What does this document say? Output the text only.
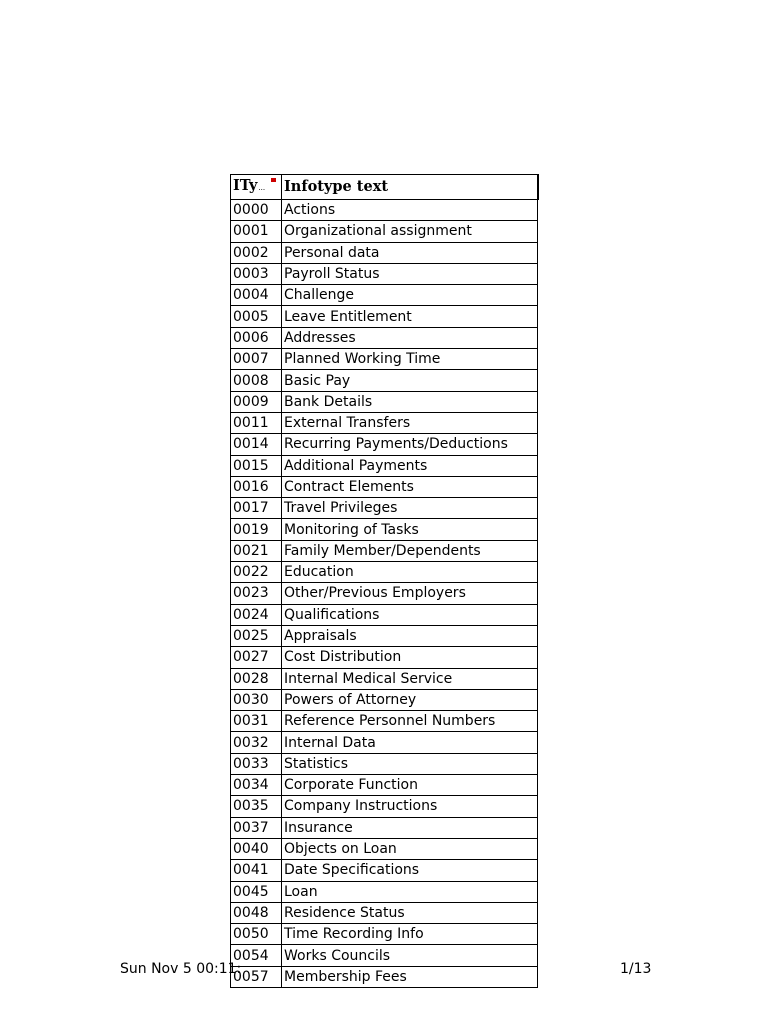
Sun Nov 5 00:11:
ITy...	Infotype text
0000	Actions
0001	Organizational assignment
0002	Personal data
0003	Payroll Status
0004	Challenge
0005	Leave Entitlement
0006	Addresses
0007	Planned Working Time
0008	Basic Pay
0009	Bank Details
0011	External Transfers
0014	Recurring Payments/Deductions
0015	Additional Payments
0016	Contract Elements
0017	Travel Privileges
0019	Monitoring of Tasks
0021	Family Member/Dependents
0022	Education
0023	Other/Previous Employers
0024	Qualifications
0025	Appraisals
0027	Cost Distribution
0028	Internal Medical Service
0030	Powers of Attorney
0031	Reference Personnel Numbers
0032	Internal Data
0033	Statistics
0034	Corporate Function
0035	Company Instructions
0037	Insurance
0040	Objects on Loan
0041	Date Specifications
0045	Loan
0048	Residence Status
0050	Time Recording Info
0054	Works Councils
0057	Membership Fees	1/13
